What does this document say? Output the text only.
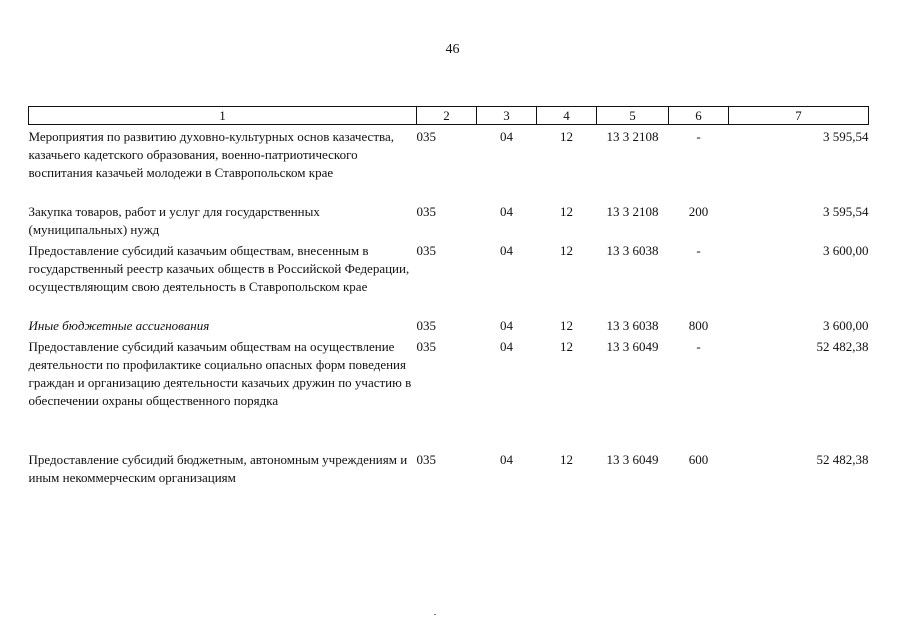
46
1	2	3	4	5	6	7
Мероприятия по развитию духовно-культурных основ казачества, казачьего кадетского образования, военно-патриотического воспитания казачьей молодежи в Ставропольском крае	035	04	12	13 3 2108	-	3 595,54
Закупка товаров, работ и услуг для государственных (муниципальных) нужд	035	04	12	13 3 2108	200	3 595,54
Предоставление субсидий казачьим обществам, внесенным в государственный реестр казачьих обществ в Российской Федерации, осуществляющим свою деятельность в Ставропольском крае	035	04	12	13 3 6038	-	3 600,00
Иные бюджетные ассигнования	035	04	12	13 3 6038	800	3 600,00
Предоставление субсидий казачьим обществам на осуществление деятельности по профилактике социально опасных форм поведения граждан и организацию деятельности казачьих дружин по участию в обеспечении охраны общественного порядка	035	04	12	13 3 6049	-	52 482,38
Предоставление субсидий бюджетным, автономным учреждениям и иным некоммерческим организациям	035	04	12	13 3 6049	600	52 482,38
